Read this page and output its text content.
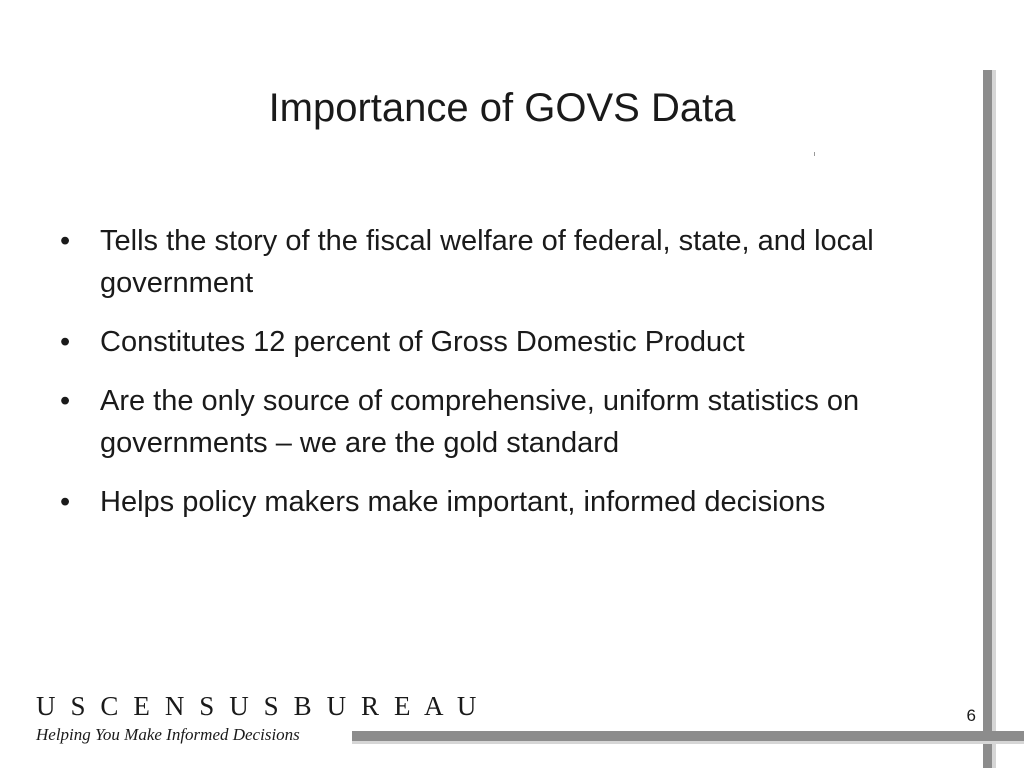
Importance of GOVS Data
• Tells the story of the fiscal welfare of federal, state, and local government
• Constitutes 12 percent of Gross Domestic Product
• Are the only source of comprehensive, uniform statistics on governments – we are the gold standard
• Helps policy makers make important, informed decisions
U S C E N S U S B U R E A U
Helping You Make Informed Decisions
6
